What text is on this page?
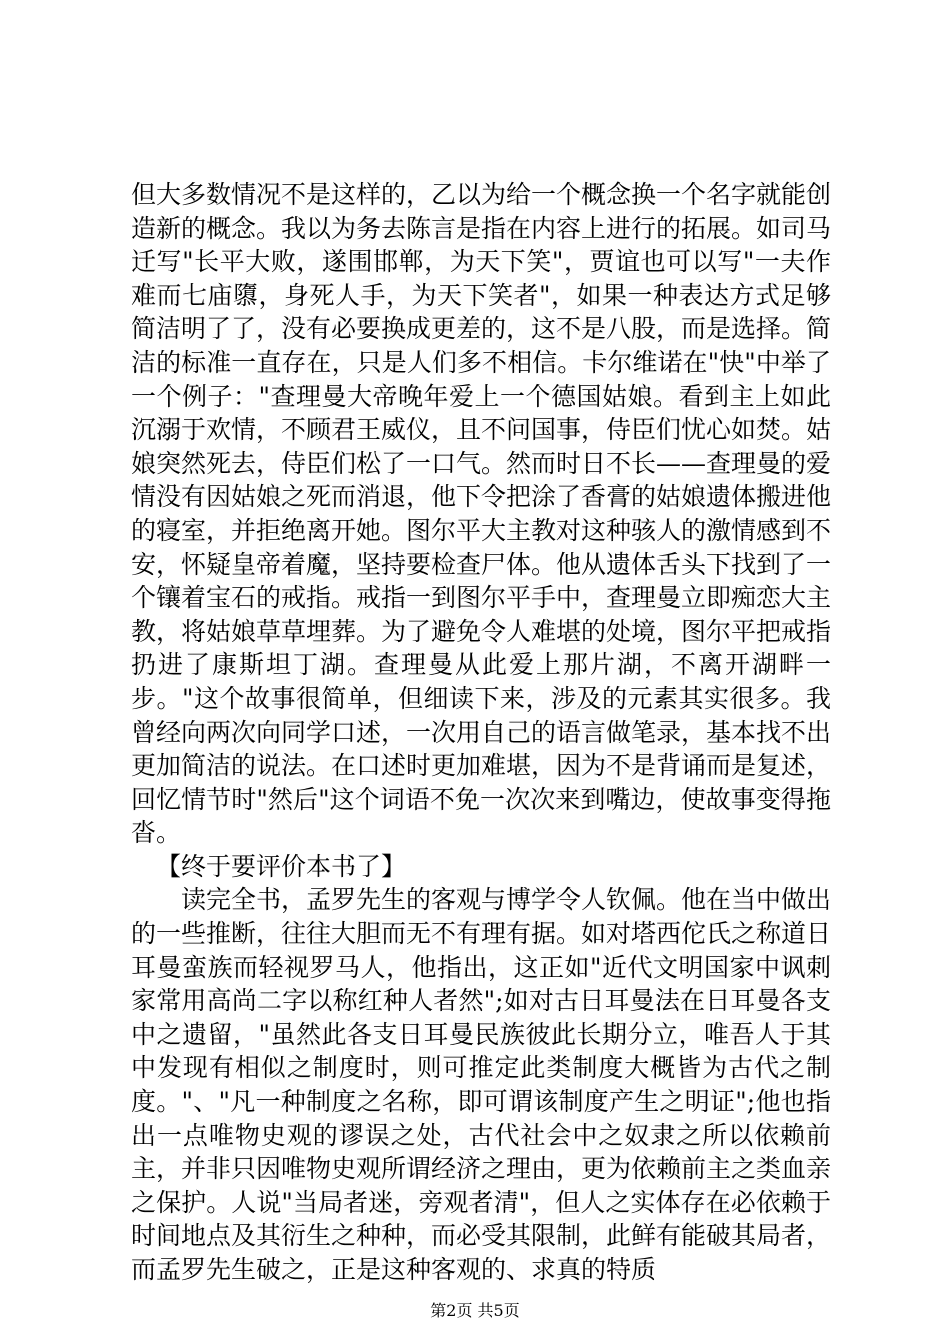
但大多数情况不是这样的，乙以为给一个概念换一个名字就能创造新的概念。我以为务去陈言是指在内容上进行的拓展。如司马迁写"长平大败，遂围邯郸，为天下笑"，贾谊也可以写"一夫作难而七庙隳，身死人手，为天下笑者"，如果一种表达方式足够简洁明了了，没有必要换成更差的，这不是八股，而是选择。简洁的标准一直存在，只是人们多不相信。卡尔维诺在"快"中举了一个例子："查理曼大帝晚年爱上一个德国姑娘。看到主上如此沉溺于欢情，不顾君王威仪，且不问国事，侍臣们忧心如焚。姑娘突然死去，侍臣们松了一口气。然而时日不长——查理曼的爱情没有因姑娘之死而消退，他下令把涂了香膏的姑娘遗体搬进他的寝室，并拒绝离开她。图尔平大主教对这种骇人的激情感到不安，怀疑皇帝着魔，坚持要检查尸体。他从遗体舌头下找到了一个镶着宝石的戒指。戒指一到图尔平手中，查理曼立即痴恋大主教，将姑娘草草埋葬。为了避免令人难堪的处境，图尔平把戒指扔进了康斯坦丁湖。查理曼从此爱上那片湖，不离开湖畔一步。"这个故事很简单，但细读下来，涉及的元素其实很多。我曾经向两次向同学口述，一次用自己的语言做笔录，基本找不出更加简洁的说法。在口述时更加难堪，因为不是背诵而是复述，回忆情节时"然后"这个词语不免一次次来到嘴边，使故事变得拖沓。

【终于要评价本书了】

读完全书，孟罗先生的客观与博学令人钦佩。他在当中做出的一些推断，往往大胆而无不有理有据。如对塔西佗氏之称道日耳曼蛮族而轻视罗马人，他指出，这正如"近代文明国家中讽刺家常用高尚二字以称红种人者然";如对古日耳曼法在日耳曼各支中之遗留，"虽然此各支日耳曼民族彼此长期分立，唯吾人于其中发现有相似之制度时，则可推定此类制度大概皆为古代之制度。"、"凡一种制度之名称，即可谓该制度产生之明证";他也指出一点唯物史观的谬误之处，古代社会中之奴隶之所以依赖前主，并非只因唯物史观所谓经济之理由，更为依赖前主之类血亲之保护。人说"当局者迷，旁观者清"，但人之实体存在必依赖于时间地点及其衍生之种种，而必受其限制，此鲜有能破其局者，而孟罗先生破之，正是这种客观的、求真的特质

第2页 共5页
